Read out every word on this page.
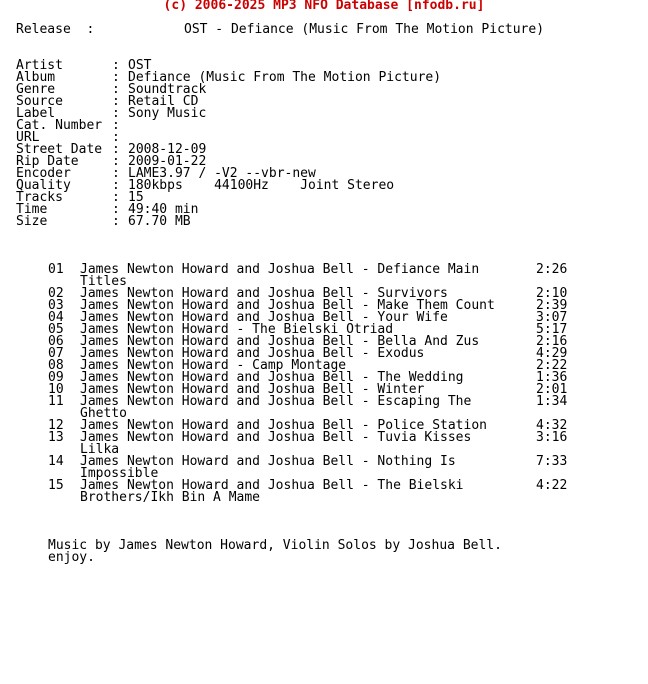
(c) 2006-2025 MP3 NFO Database [nfodb.ru]
Release  :	OST - Defiance (Music From The Motion Picture)
Artist	: OST
Album	: Defiance (Music From The Motion Picture)
Genre	: Soundtrack
Source	: Retail CD
Label	: Sony Music
Cat. Number :
URL	:
Street Date : 2008-12-09
Rip Date	: 2009-01-22
Encoder	: LAME3.97 / -V2 --vbr-new
Quality	: 180kbps    44100Hz    Joint Stereo
Tracks	: 15
Time	: 49:40 min
Size	: 67.70 MB
01 James Newton Howard and Joshua Bell - Defiance Main	2:26
Titles
02 James Newton Howard and Joshua Bell - Survivors	2:10
03 James Newton Howard and Joshua Bell - Make Them Count	2:39
04 James Newton Howard and Joshua Bell - Your Wife	3:07
05 James Newton Howard - The Bielski Otriad	5:17
06 James Newton Howard and Joshua Bell - Bella And Zus	2:16
07 James Newton Howard and Joshua Bell - Exodus	4:29
08 James Newton Howard - Camp Montage	2:22
09 James Newton Howard and Joshua Bell - The Wedding	1:36
10 James Newton Howard and Joshua Bell - Winter	2:01
11 James Newton Howard and Joshua Bell - Escaping The	1:34
Ghetto
12 James Newton Howard and Joshua Bell - Police Station	4:32
13 James Newton Howard and Joshua Bell - Tuvia Kisses	3:16
Lilka
14 James Newton Howard and Joshua Bell - Nothing Is	7:33
Impossible
15 James Newton Howard and Joshua Bell - The Bielski	4:22
Brothers/Ikh Bin A Mame
Music by James Newton Howard, Violin Solos by Joshua Bell.
enjoy.
